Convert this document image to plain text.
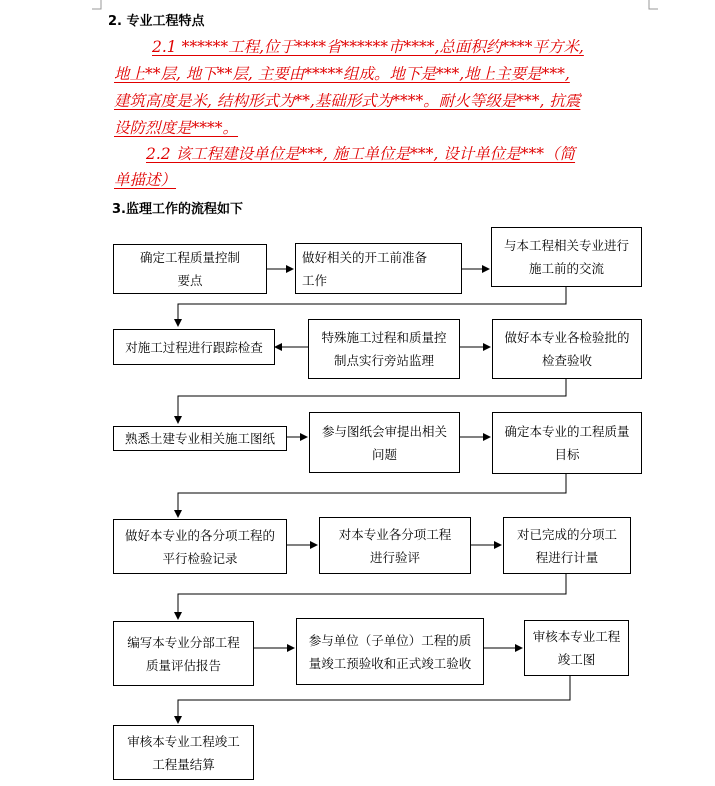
2. 专业工程特点
2.1 ******工程,位于****省******市****,总面积约****平方米,
地上**层, 地下**层, 主要由*****组成。地下是***,地上主要是***,
建筑高度是米, 结构形式为**,基础形式为****。耐火等级是***, 抗震
设防烈度是****。
2.2 该工程建设单位是***, 施工单位是***, 设计单位是***（简
单描述）
3.监理工作的流程如下
确定工程质量控制
要点
做好相关的开工前准备
工作
与本工程相关专业进行
施工前的交流
对施工过程进行跟踪检查
特殊施工过程和质量控
制点实行旁站监理
做好本专业各检验批的
检查验收
熟悉土建专业相关施工图纸	参与图纸会审提出相关
问题
确定本专业的工程质量
目标
做好本专业的各分项工程的
平行检验记录
对本专业各分项工程
进行验评
对已完成的分项工
程进行计量
编写本专业分部工程
质量评估报告
参与单位（子单位）工程的质
量竣工预验收和正式竣工验收
审核本专业工程
竣工图
审核本专业工程竣工
工程量结算
